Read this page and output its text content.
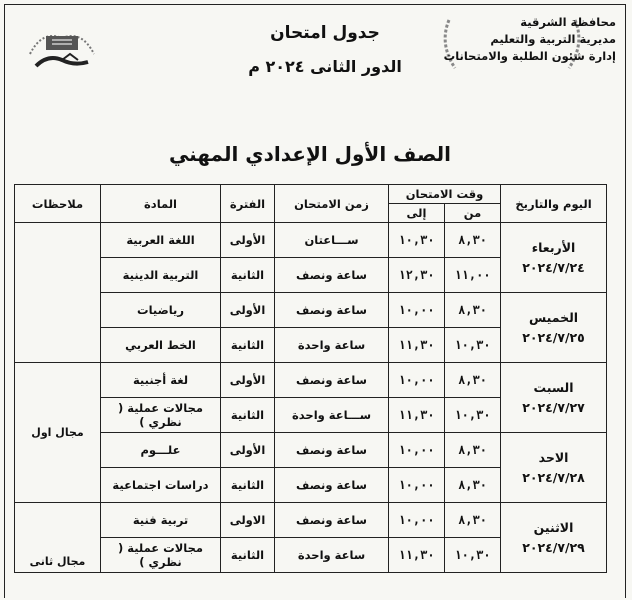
محافظة الشرقية
مديرية التربية والتعليم
إدارة شئون الطلبة والامتحانات
جدول امتحان
الدور الثانى ٢٠٢٤ م
الصف الأول الإعدادي المهني
اليوم والتاريخ	وقت الامتحان		زمن الامتحان	الفترة	المادة	ملاحظات
	من	إلى				
الأربعاء
٢٠٢٤/٧/٢٤	٨,٣٠	١٠,٣٠	ســـاعتان	الأولى	اللغة العربية	
	١١,٠٠	١٢,٣٠	ساعة ونصف	الثانية	التربية الدينية	
الخميس
٢٠٢٤/٧/٢٥	٨,٣٠	١٠,٠٠	ساعة ونصف	الأولى	رياضيات	
	١٠,٣٠	١١,٣٠	ساعة واحدة	الثانية	الخط العربي	
السبت
٢٠٢٤/٧/٢٧	٨,٣٠	١٠,٠٠	ساعة ونصف	الأولى	لغة أجنبية	مجال اول
	١٠,٣٠	١١,٣٠	ســـاعة واحدة	الثانية	مجالات عملية ( نظري )	
الاحد
٢٠٢٤/٧/٢٨	٨,٣٠	١٠,٠٠	ساعة ونصف	الأولى	علـــوم	
	٨,٣٠	١٠,٠٠	ساعة ونصف	الثانية	دراسات اجتماعية	
الاثنين
٢٠٢٤/٧/٢٩	٨,٣٠	١٠,٠٠	ساعة ونصف	الاولى	تربية فنية	مجال ثانى
	١٠,٣٠	١١,٣٠	ساعة واحدة	الثانية	مجالات عملية ( نظري )	
